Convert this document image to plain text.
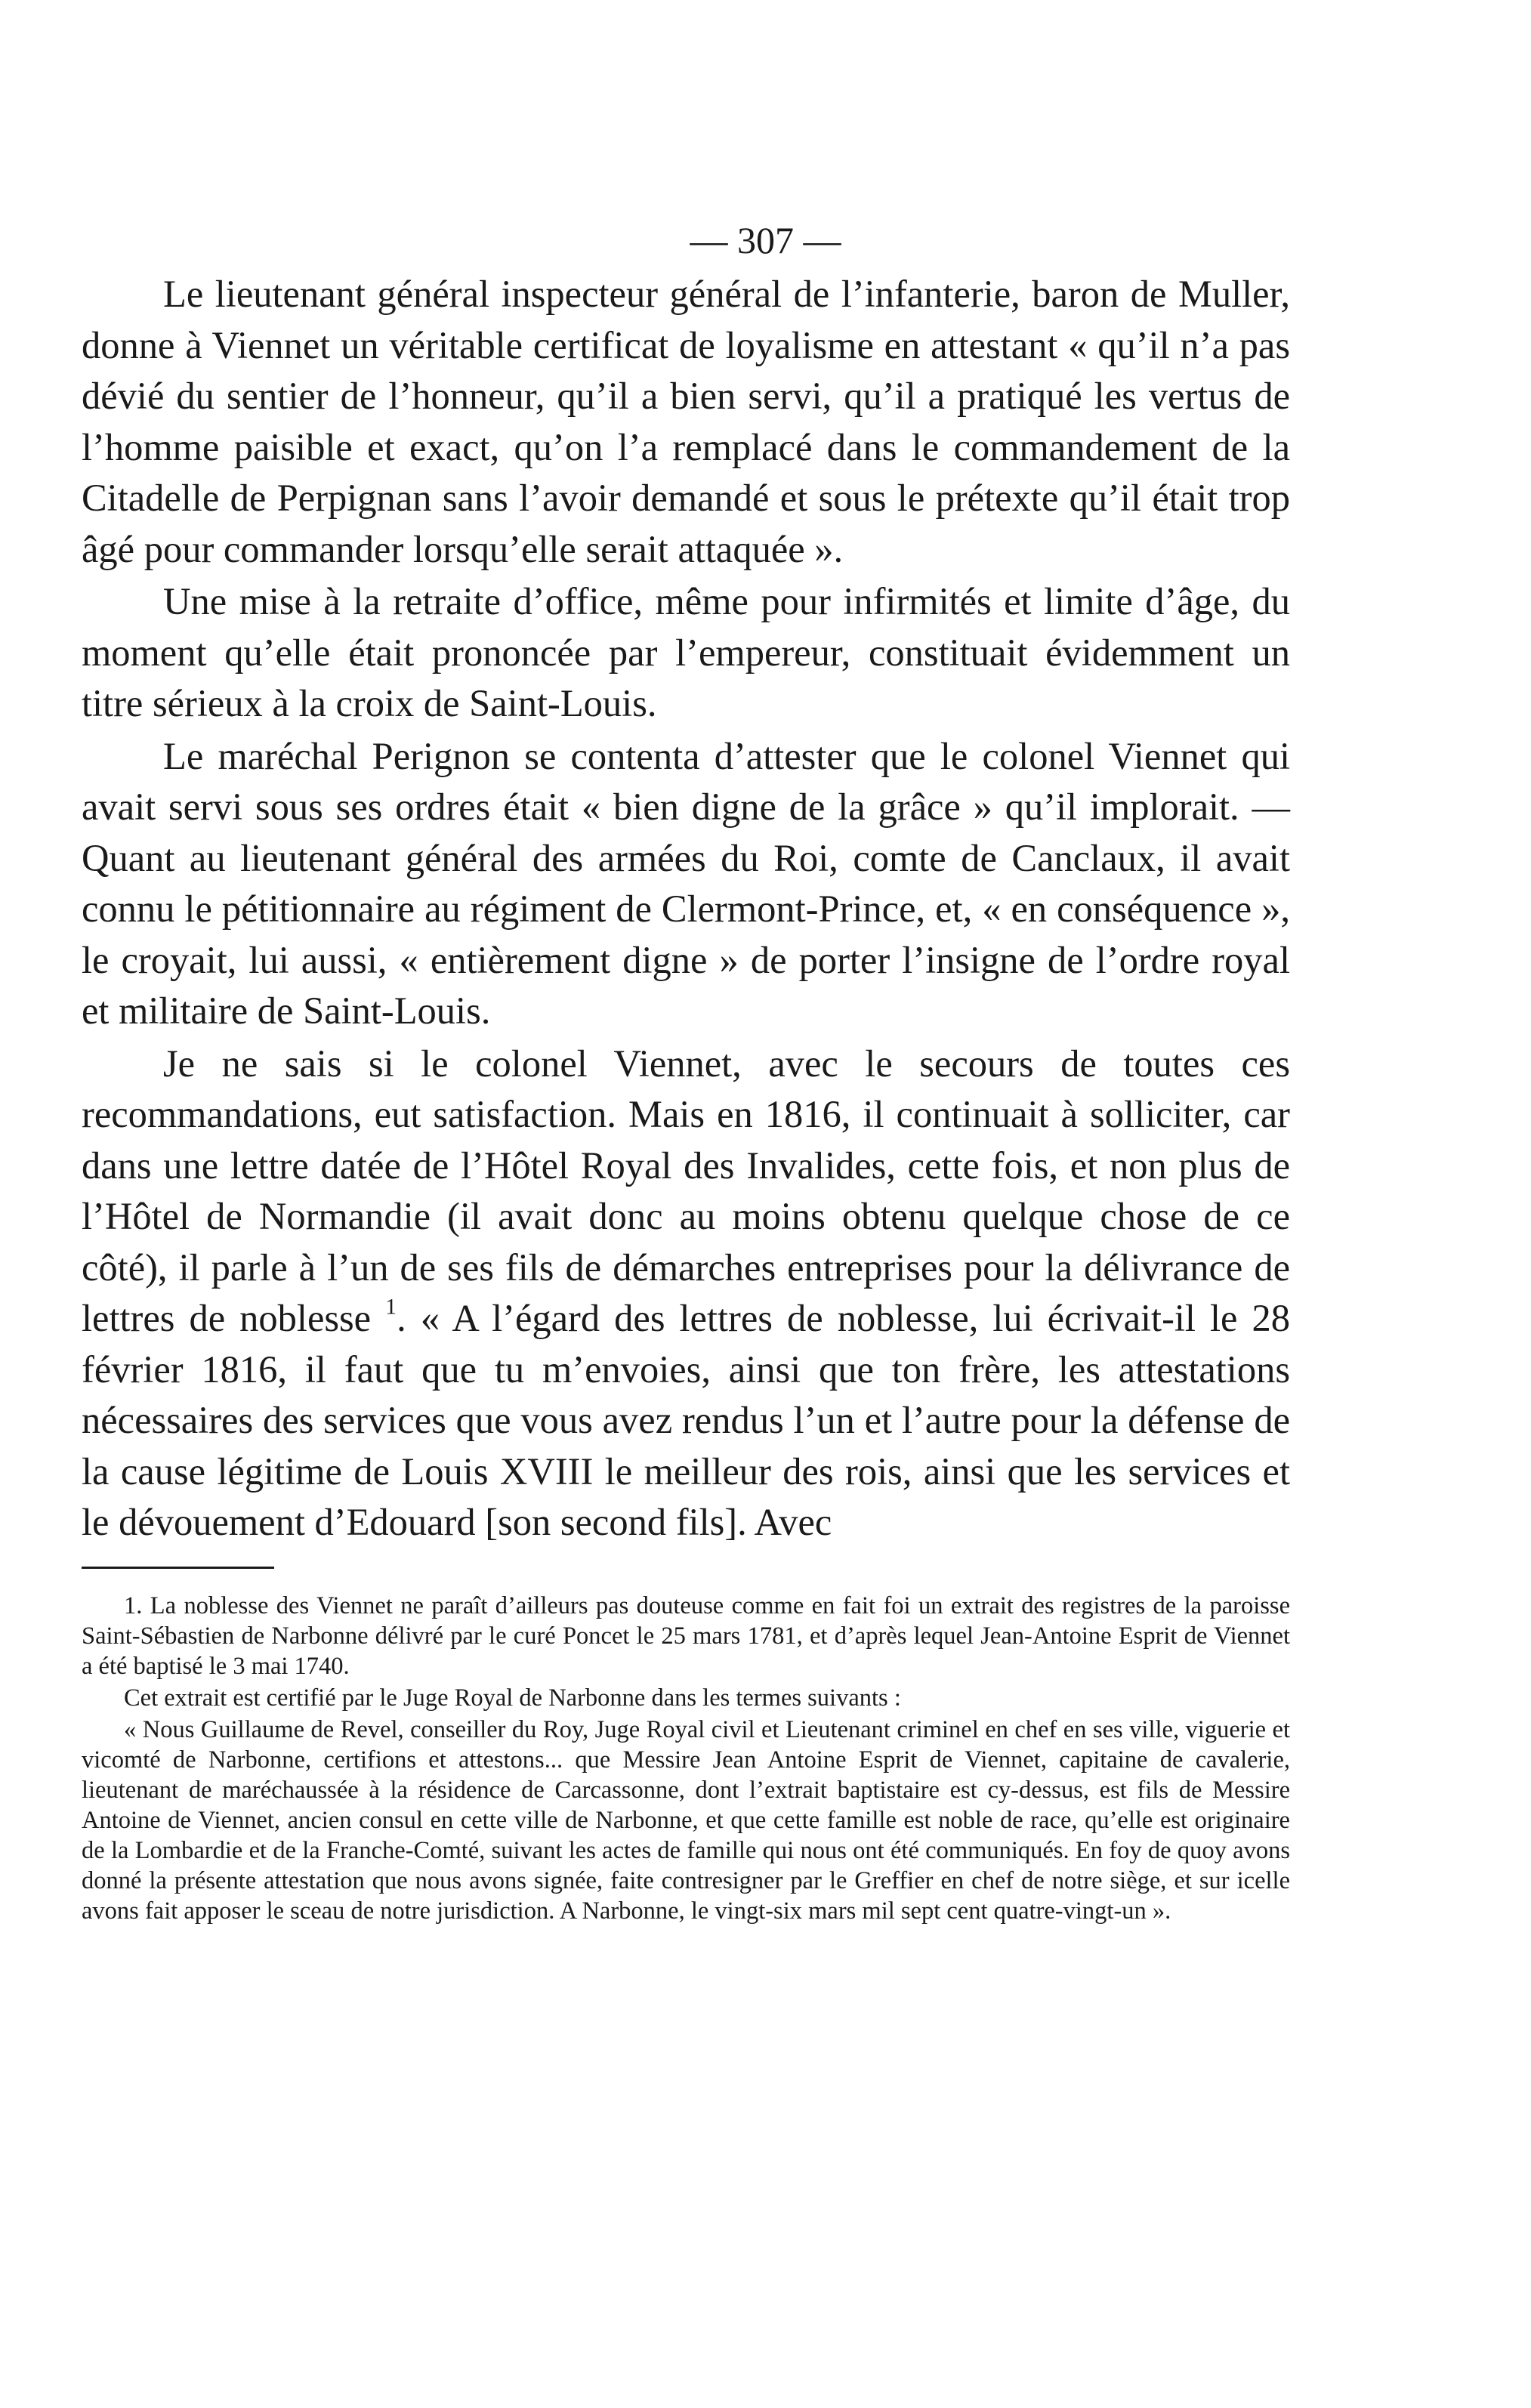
— 307 —

Le lieutenant général inspecteur général de l’infanterie, baron de Muller, donne à Viennet un véritable certificat de loyalisme en attestant « qu’il n’a pas dévié du sentier de l’honneur, qu’il a bien servi, qu’il a pratiqué les vertus de l’homme paisible et exact, qu’on l’a remplacé dans le commandement de la Citadelle de Perpignan sans l’avoir demandé et sous le prétexte qu’il était trop âgé pour commander lorsqu’elle serait attaquée ».

Une mise à la retraite d’office, même pour infirmités et limite d’âge, du moment qu’elle était prononcée par l’empereur, constituait évidemment un titre sérieux à la croix de Saint-Louis.

Le maréchal Perignon se contenta d’attester que le colonel Viennet qui avait servi sous ses ordres était « bien digne de la grâce » qu’il implorait. — Quant au lieutenant général des armées du Roi, comte de Canclaux, il avait connu le pétitionnaire au régiment de Clermont-Prince, et, « en conséquence », le croyait, lui aussi, « entièrement digne » de porter l’insigne de l’ordre royal et militaire de Saint-Louis.

Je ne sais si le colonel Viennet, avec le secours de toutes ces recommandations, eut satisfaction. Mais en 1816, il continuait à solliciter, car dans une lettre datée de l’Hôtel Royal des Invalides, cette fois, et non plus de l’Hôtel de Normandie (il avait donc au moins obtenu quelque chose de ce côté), il parle à l’un de ses fils de démarches entreprises pour la délivrance de lettres de noblesse $^1$. « A l’égard des lettres de noblesse, lui écrivait-il le 28 février 1816, il faut que tu m’envoies, ainsi que ton frère, les attestations nécessaires des services que vous avez rendus l’un et l’autre pour la défense de la cause légitime de Louis XVIII le meilleur des rois, ainsi que les services et le dévouement d’Edouard [son second fils]. Avec

1. La noblesse des Viennet ne paraît d’ailleurs pas douteuse comme en fait foi un extrait des registres de la paroisse Saint-Sébastien de Narbonne délivré par le curé Poncet le 25 mars 1781, et d’après lequel Jean-Antoine Esprit de Viennet a été baptisé le 3 mai 1740.

Cet extrait est certifié par le Juge Royal de Narbonne dans les termes suivants :

« Nous Guillaume de Revel, conseiller du Roy, Juge Royal civil et Lieutenant criminel en chef en ses ville, viguerie et vicomté de Narbonne, certifions et attestons... que Messire Jean Antoine Esprit de Viennet, capitaine de cavalerie, lieutenant de maréchaussée à la résidence de Carcassonne, dont l’extrait baptistaire est cy-dessus, est fils de Messire Antoine de Viennet, ancien consul en cette ville de Narbonne, et que cette famille est noble de race, qu’elle est originaire de la Lombardie et de la Franche-Comté, suivant les actes de famille qui nous ont été communiqués. En foy de quoy avons donné la présente attestation que nous avons signée, faite contresigner par le Greffier en chef de notre siège, et sur icelle avons fait apposer le sceau de notre jurisdiction. A Narbonne, le vingt-six mars mil sept cent quatre-vingt-un ».
